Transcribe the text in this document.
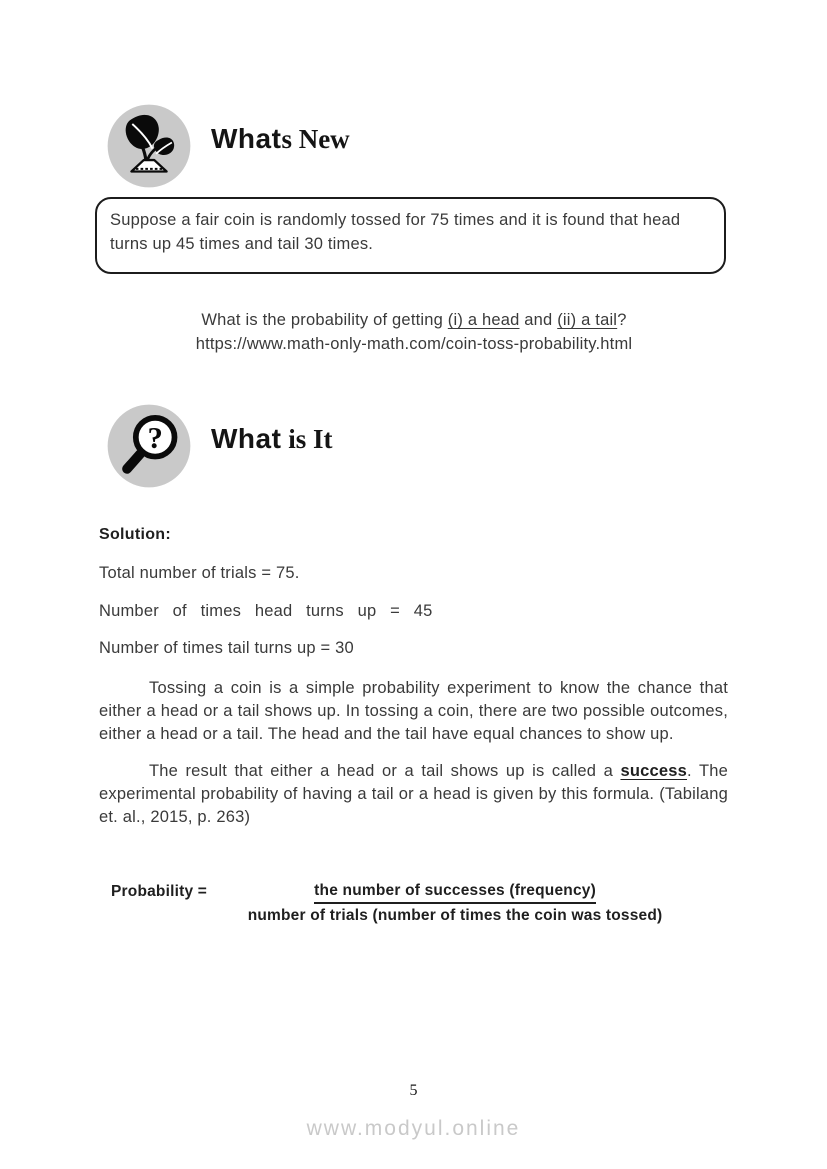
Whats New
Suppose a fair coin is randomly tossed for 75 times and it is found that head turns up 45 times and tail 30 times.
What is the probability of getting (i) a head and (ii) a tail?
https://www.math-only-math.com/coin-toss-probability.html
? What is It
Solution:
Total number of trials = 75.
Number of times head turns up = 45
Number of times tail turns up = 30

Tossing a coin is a simple probability experiment to know the chance that either a head or a tail shows up. In tossing a coin, there are two possible outcomes, either a head or a tail. The head and the tail have equal chances to show up.

The result that either a head or a tail shows up is called a success. The experimental probability of having a tail or a head is given by this formula. (Tabilang et. al., 2015, p. 263)

Probability = $\frac{\text{the number of successes (frequency)}}{\text{number of trials (number of times the coin was tossed)}}$
5
www.modyul.online
